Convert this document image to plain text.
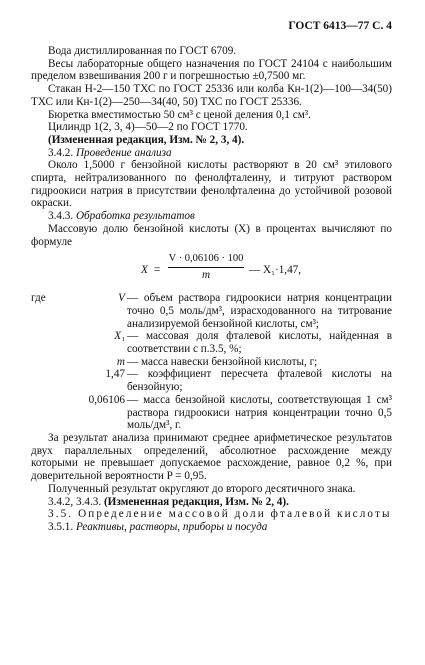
ГОСТ 6413—77 С. 4

Вода дистиллированная по ГОСТ 6709.

Весы лабораторные общего назначения по ГОСТ 24104 с наибольшим пределом взвешивания 200 г и погрешностью ±0,7500 мг.

Стакан Н-2—150 ТХС по ГОСТ 25336 или колба Кн-1(2)—100—34(50) ТХС или Кн-1(2)—250—34(40, 50) ТХС по ГОСТ 25336.

Бюретка вместимостью 50 см³ с ценой деления 0,1 см³.

Цилиндр 1(2, 3, 4)—50—2 по ГОСТ 1770.

(Измененная редакция, Изм. № 2, 3, 4).

3.4.2. Проведение анализа

Около 1,5000 г бензойной кислоты растворяют в 20 см³ этилового спирта, нейтрализованного по фенолфталеину, и титруют раствором гидроокиси натрия в присутствии фенолфталеина до устойчивой розовой окраски.

3.4.3. Обработка результатов

Массовую долю бензойной кислоты (X) в процентах вычисляют по формуле

X =
V · 0,06106 · 100
m	— X₁·1,47,
где	V — объем раствора гидроокиси натрия концентрации точно 0,5 моль/дм³, израсходованного на титрование анализируемой бензойной кислоты, см³;
X₁ — массовая доля фталевой кислоты, найденная в соответствии с п.3.5, %;
m — масса навески бензойной кислоты, г;
1,47 — коэффициент пересчета фталевой кислоты на бензойную;
0,06106 — масса бензойной кислоты, соответствующая 1 см³ раствора гидроокиси натрия концентрации точно 0,5 моль/дм³, г.

За результат анализа принимают среднее арифметическое результатов двух параллельных определений, абсолютное расхождение между которыми не превышает допускаемое расхождение, равное 0,2 %, при доверительной вероятности P = 0,95.

Полученный результат округляют до второго десятичного знака.

3.4.2, 3.4.3. (Измененная редакция, Изм. № 2, 4).

3.5. Определение массовой доли фталевой кислоты

3.5.1. Реактивы, растворы, приборы и посуда
